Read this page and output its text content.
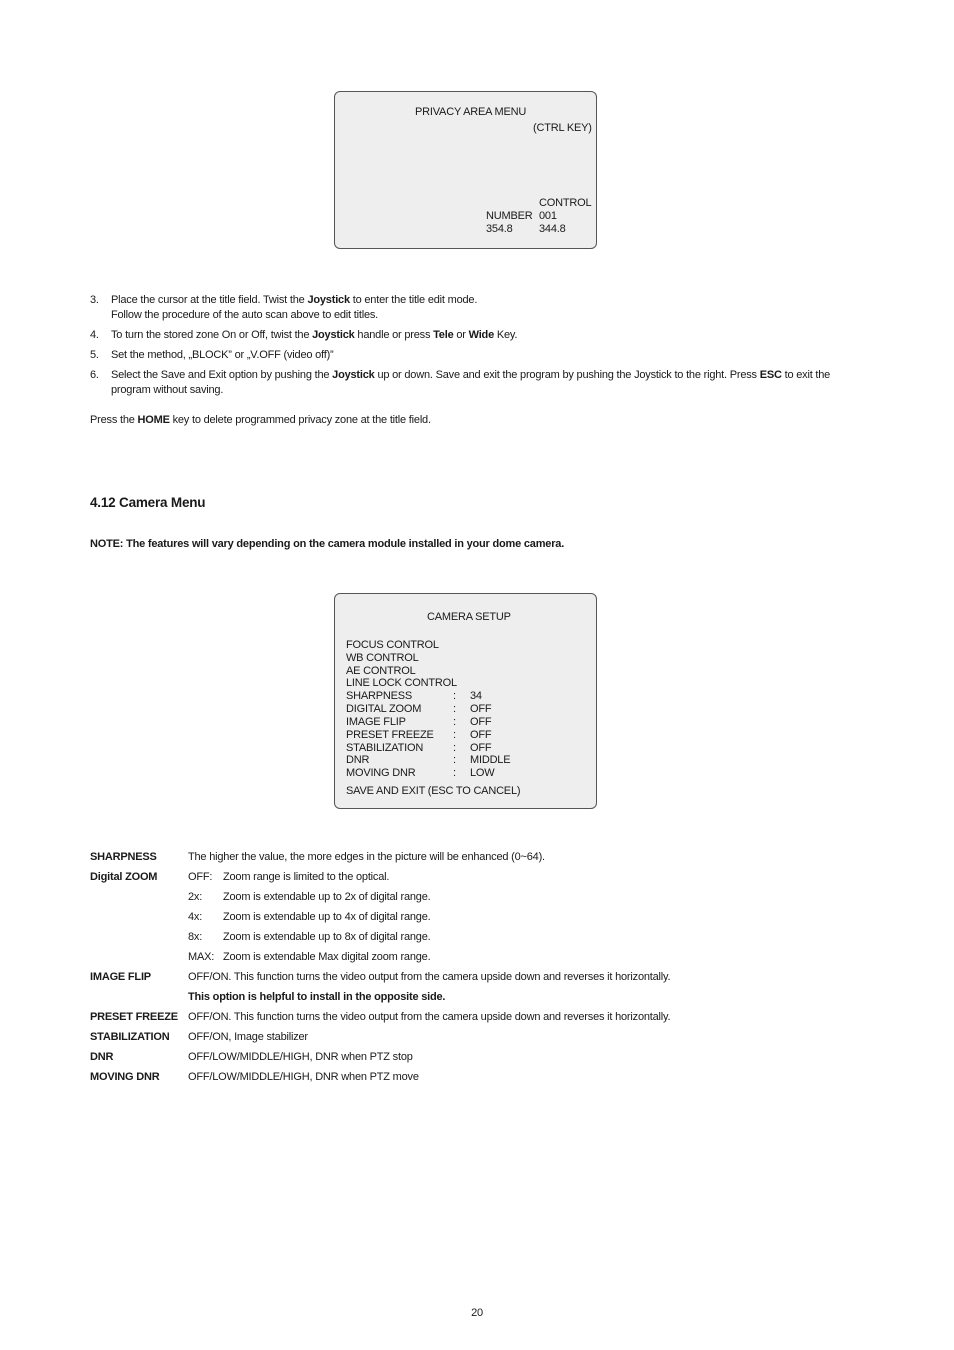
PRIVACY AREA MENU
(CTRL KEY)
CONTROL
NUMBER 001
354.8 344.8
3. Place the cursor at the title field. Twist the Joystick to enter the title edit mode.
Follow the procedure of the auto scan above to edit titles.
4. To turn the stored zone On or Off, twist the Joystick handle or press Tele or Wide Key.
5. Set the method, „BLOCK” or „V.OFF (video off)”
6. Select the Save and Exit option by pushing the Joystick up or down. Save and exit the program by pushing the Joystick to the right. Press ESC to exit the
program without saving.
Press the HOME key to delete programmed privacy zone at the title field.
4.12 Camera Menu
NOTE: The features will vary depending on the camera module installed in your dome camera.
CAMERA SETUP
FOCUS CONTROL
WB CONTROL
AE CONTROL
LINE LOCK CONTROL
SHARPNESS	: 34
DIGITAL ZOOM	: OFF
IMAGE FLIP	: OFF
PRESET FREEZE : OFF
STABILIZATION	: OFF
DNR	: MIDDLE
MOVING DNR	: LOW
SAVE AND EXIT (ESC TO CANCEL)
SHARPNESS	The higher the value, the more edges in the picture will be enhanced (0~64).
Digital ZOOM	OFF: Zoom range is limited to the optical.
2x: Zoom is extendable up to 2x of digital range.
4x: Zoom is extendable up to 4x of digital range.
8x: Zoom is extendable up to 8x of digital range.
MAX: Zoom is extendable Max digital zoom range.
IMAGE FLIP	OFF/ON. This function turns the video output from the camera upside down and reverses it horizontally.
This option is helpful to install in the opposite side.
PRESET FREEZE OFF/ON. This function turns the video output from the camera upside down and reverses it horizontally.
STABILIZATION OFF/ON, Image stabilizer
DNR	OFF/LOW/MIDDLE/HIGH, DNR when PTZ stop
MOVING DNR	OFF/LOW/MIDDLE/HIGH, DNR when PTZ move
20
